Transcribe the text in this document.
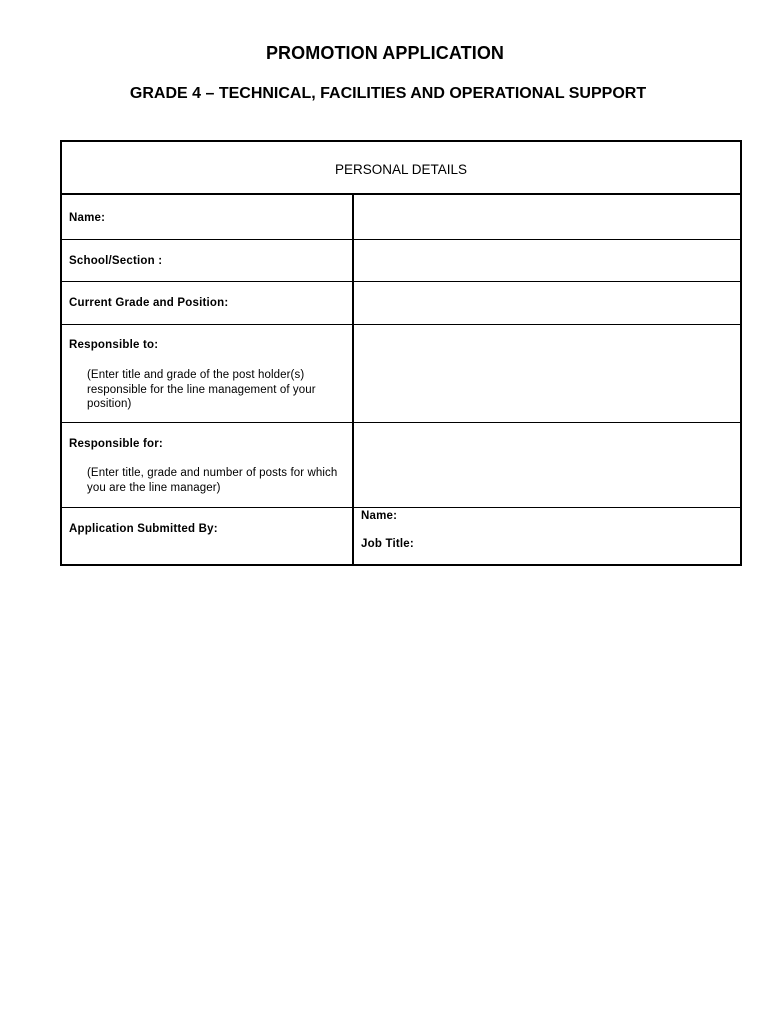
PROMOTION APPLICATION
GRADE 4 – TECHNICAL, FACILITIES AND OPERATIONAL SUPPORT
PERSONAL DETAILS
Name:
School/Section :
Current Grade and Position:
Responsible to:
(Enter title and grade of the post holder(s) responsible for the line management of your position)
Responsible for:
(Enter title, grade and number of posts for which you are the line manager)
Application Submitted By:
Name:
Job Title:
